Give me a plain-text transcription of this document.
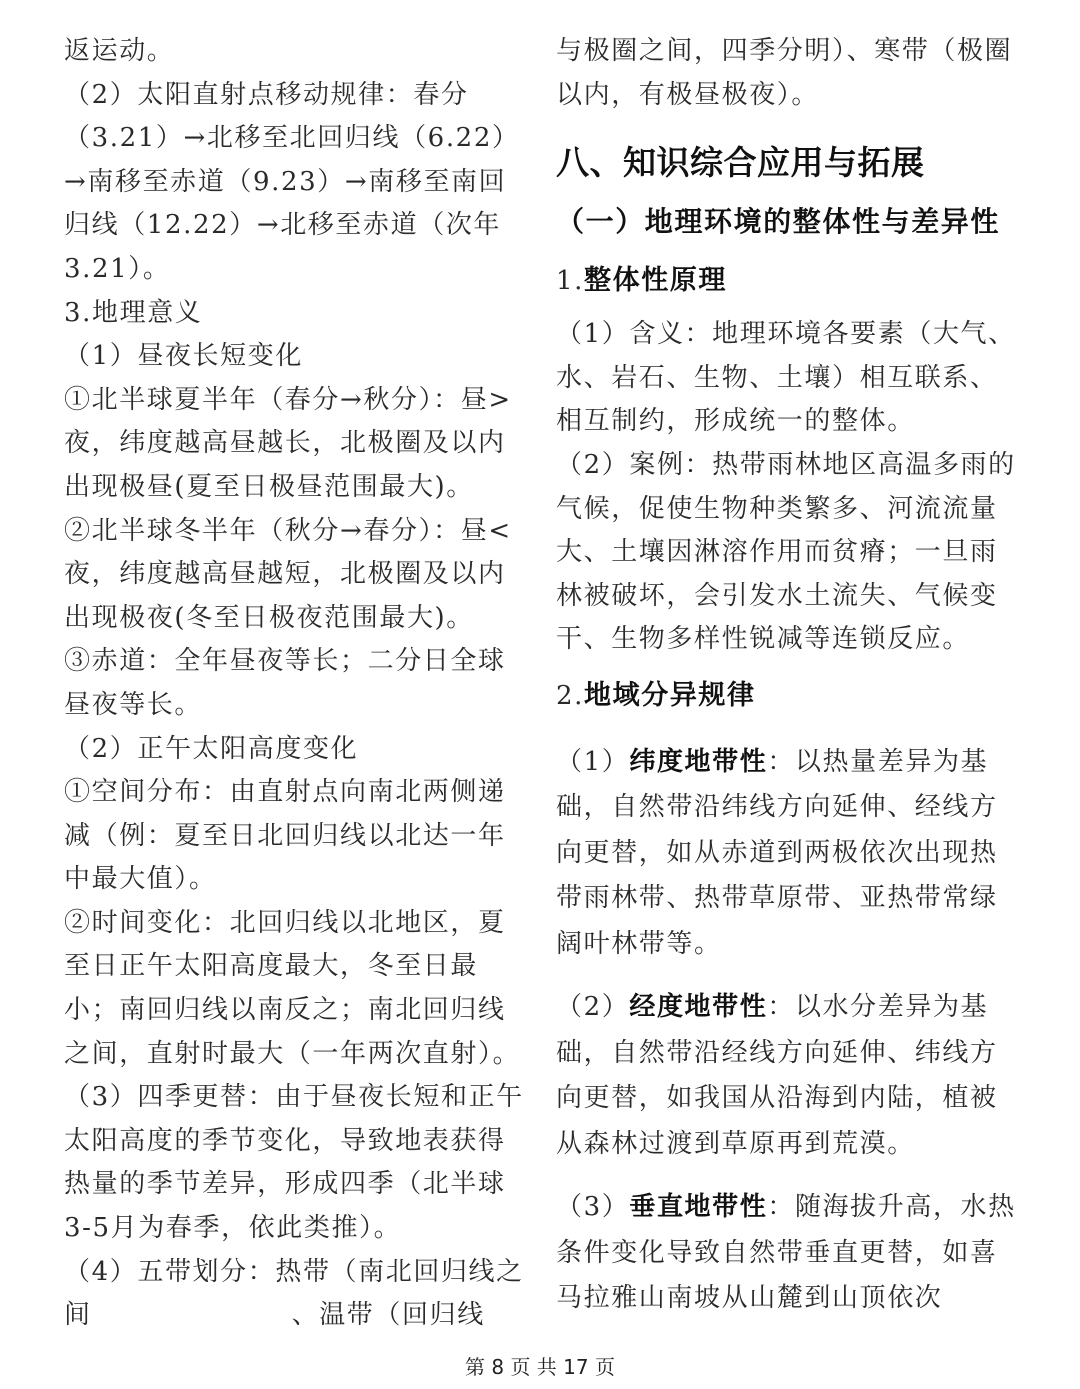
返运动。

（2）太阳直射点移动规律：春分（3.21）→北移至北回归线（6.22）→南移至赤道（9.23）→南移至南回归线（12.22）→北移至赤道（次年3.21）。

3.地理意义

（1）昼夜长短变化

①北半球夏半年（春分→秋分）：昼>夜，纬度越高昼越长，北极圈及以内出现极昼(夏至日极昼范围最大)。

②北半球冬半年（秋分→春分）：昼<夜，纬度越高昼越短，北极圈及以内出现极夜(冬至日极夜范围最大)。

③赤道：全年昼夜等长；二分日全球昼夜等长。

（2）正午太阳高度变化

①空间分布：由直射点向南北两侧递减（例：夏至日北回归线以北达一年中最大值）。

②时间变化：北回归线以北地区，夏至日正午太阳高度最大，冬至日最小；南回归线以南反之；南北回归线之间，直射时最大（一年两次直射）。

（3）四季更替：由于昼夜长短和正午太阳高度的季节变化，导致地表获得热量的季节差异，形成四季（北半球3-5月为春季，依此类推）。

（4）五带划分：热带（南北回归线之间	、温带（回归线

与极圈之间，四季分明）、寒带（极圈以内，有极昼极夜）。

八、知识综合应用与拓展

（一）地理环境的整体性与差异性

1.整体性原理

（1）含义：地理环境各要素（大气、水、岩石、生物、土壤）相互联系、相互制约，形成统一的整体。

（2）案例：热带雨林地区高温多雨的气候，促使生物种类繁多、河流流量大、土壤因淋溶作用而贫瘠；一旦雨林被破坏，会引发水土流失、气候变干、生物多样性锐减等连锁反应。

2.地域分异规律

（1）纬度地带性：以热量差异为基础，自然带沿纬线方向延伸、经线方向更替，如从赤道到两极依次出现热带雨林带、热带草原带、亚热带常绿阔叶林带等。

（2）经度地带性：以水分差异为基础，自然带沿经线方向延伸、纬线方向更替，如我国从沿海到内陆，植被从森林过渡到草原再到荒漠。

（3）垂直地带性：随海拔升高，水热条件变化导致自然带垂直更替，如喜马拉雅山南坡从山麓到山顶依次

第 8 页 共 17 页
